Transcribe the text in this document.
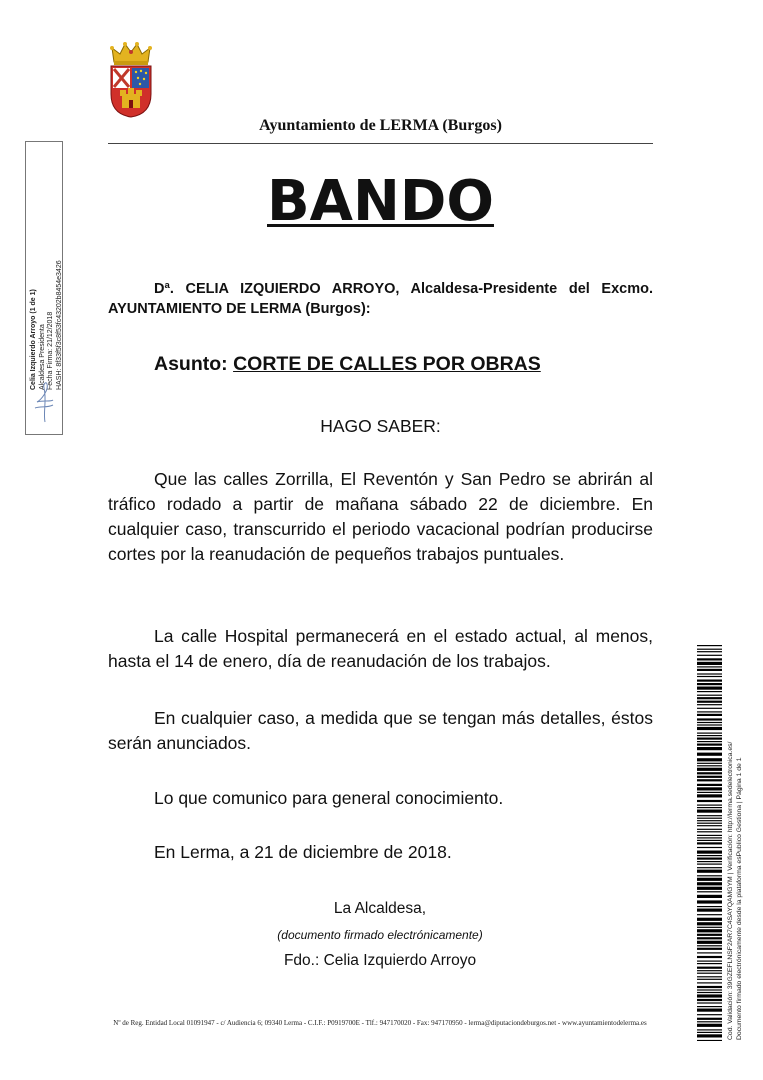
Ayuntamiento de LERMA (Burgos)
BANDO
Dª. CELIA IZQUIERDO ARROYO, Alcaldesa-Presidente del Excmo. AYUNTAMIENTO DE LERMA (Burgos):
Asunto: CORTE DE CALLES POR OBRAS
HAGO SABER:
Que las calles Zorrilla, El Reventón y San Pedro se abrirán al tráfico rodado a partir de mañana sábado 22 de diciembre. En cualquier caso, transcurrido el periodo vacacional podrían producirse cortes por la reanudación de pequeños trabajos puntuales.
La calle Hospital permanecerá en el estado actual, al menos, hasta el 14 de enero, día de reanudación de los trabajos.
En cualquier caso, a medida que se tengan más detalles, éstos serán anunciados.
Lo que comunico para general conocimiento.
En Lerma, a 21 de diciembre de 2018.
La Alcaldesa,
(documento firmado electrónicamente)
Fdo.: Celia Izquierdo Arroyo
Nº de Reg. Entidad Local 01091947 - c/ Audiencia 6; 09340 Lerma - C.I.F.: P0919700E - Tlf.: 947170020 - Fax: 947170950 - lerma@diputaciondeburgos.net - www.ayuntamientodelerma.es
Celia Izquierdo Arroyo (1 de 1) Alcaldesa Presidenta Fecha Firma: 21/12/2018 HASH: 8f33f5f3c8f53fc43202b8454e3426
Cod. Validación: 39GZEFLNSF2AR7C4SAYQAMGYM | Verificación: http://lerma.sedelectronica.es/ Documento firmado electrónicamente desde la plataforma esPublico Gestiona | Página 1 de 1
